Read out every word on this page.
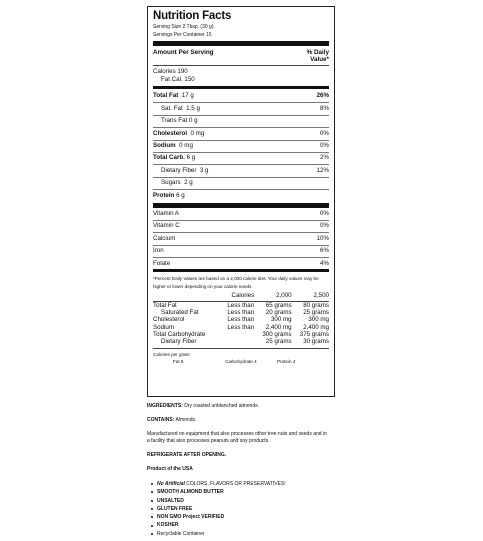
Nutrition Facts
Serving Size 2 Tbsp. (30 g)
Servings Per Container 15
Amount Per Serving	% Daily
Value*
Calories 190
Fat Cal. 150
Total Fat 17 g	26%
Sat. Fat 1.5 g	8%
Trans Fat 0 g
Cholesterol 0 mg	0%
Sodium 0 mg	0%
Total Carb. 6 g	2%
Dietary Fiber 3 g	12%
Sugars 2 g
Protein 6 g
Vitamin A	0%
Vitamin C	0%
Calcium	10%
Iron	6%
Folate	4%
*Percent Daily Values are based on a 2,000 calorie diet. Your daily values may be higher or lower depending on your calorie needs.
	Calories	2,000	2,500
Total Fat	Less than	65 grams	80 grams
Saturated Fat	Less than	20 grams	25 grams
Cholesterol	Less than	300 mg	300 mg
Sodium	Less than	2,400 mg	2,400 mg
Total Carbohydrate		300 grams	375 grams
Dietary Fiber		25 grams	30 grams
Calories per gram:
Fat 9	Carbohydrate 4	Protein 4

INGREDIENTS: Dry roasted unblanched almonds.

CONTAINS: Almonds.

Manufactured on equipment that also processes other tree nuts and seeds and in a facility that also processes peanuts and soy products.

REFRIGERATE AFTER OPENING.

Product of the USA

No Artificial COLORS, FLAVORS OR PRESERVATIVES!
SMOOTH ALMOND BUTTER
UNSALTED
GLUTEN FREE
NON GMO Project VERIFIED
KOSHER
Recyclable Container
